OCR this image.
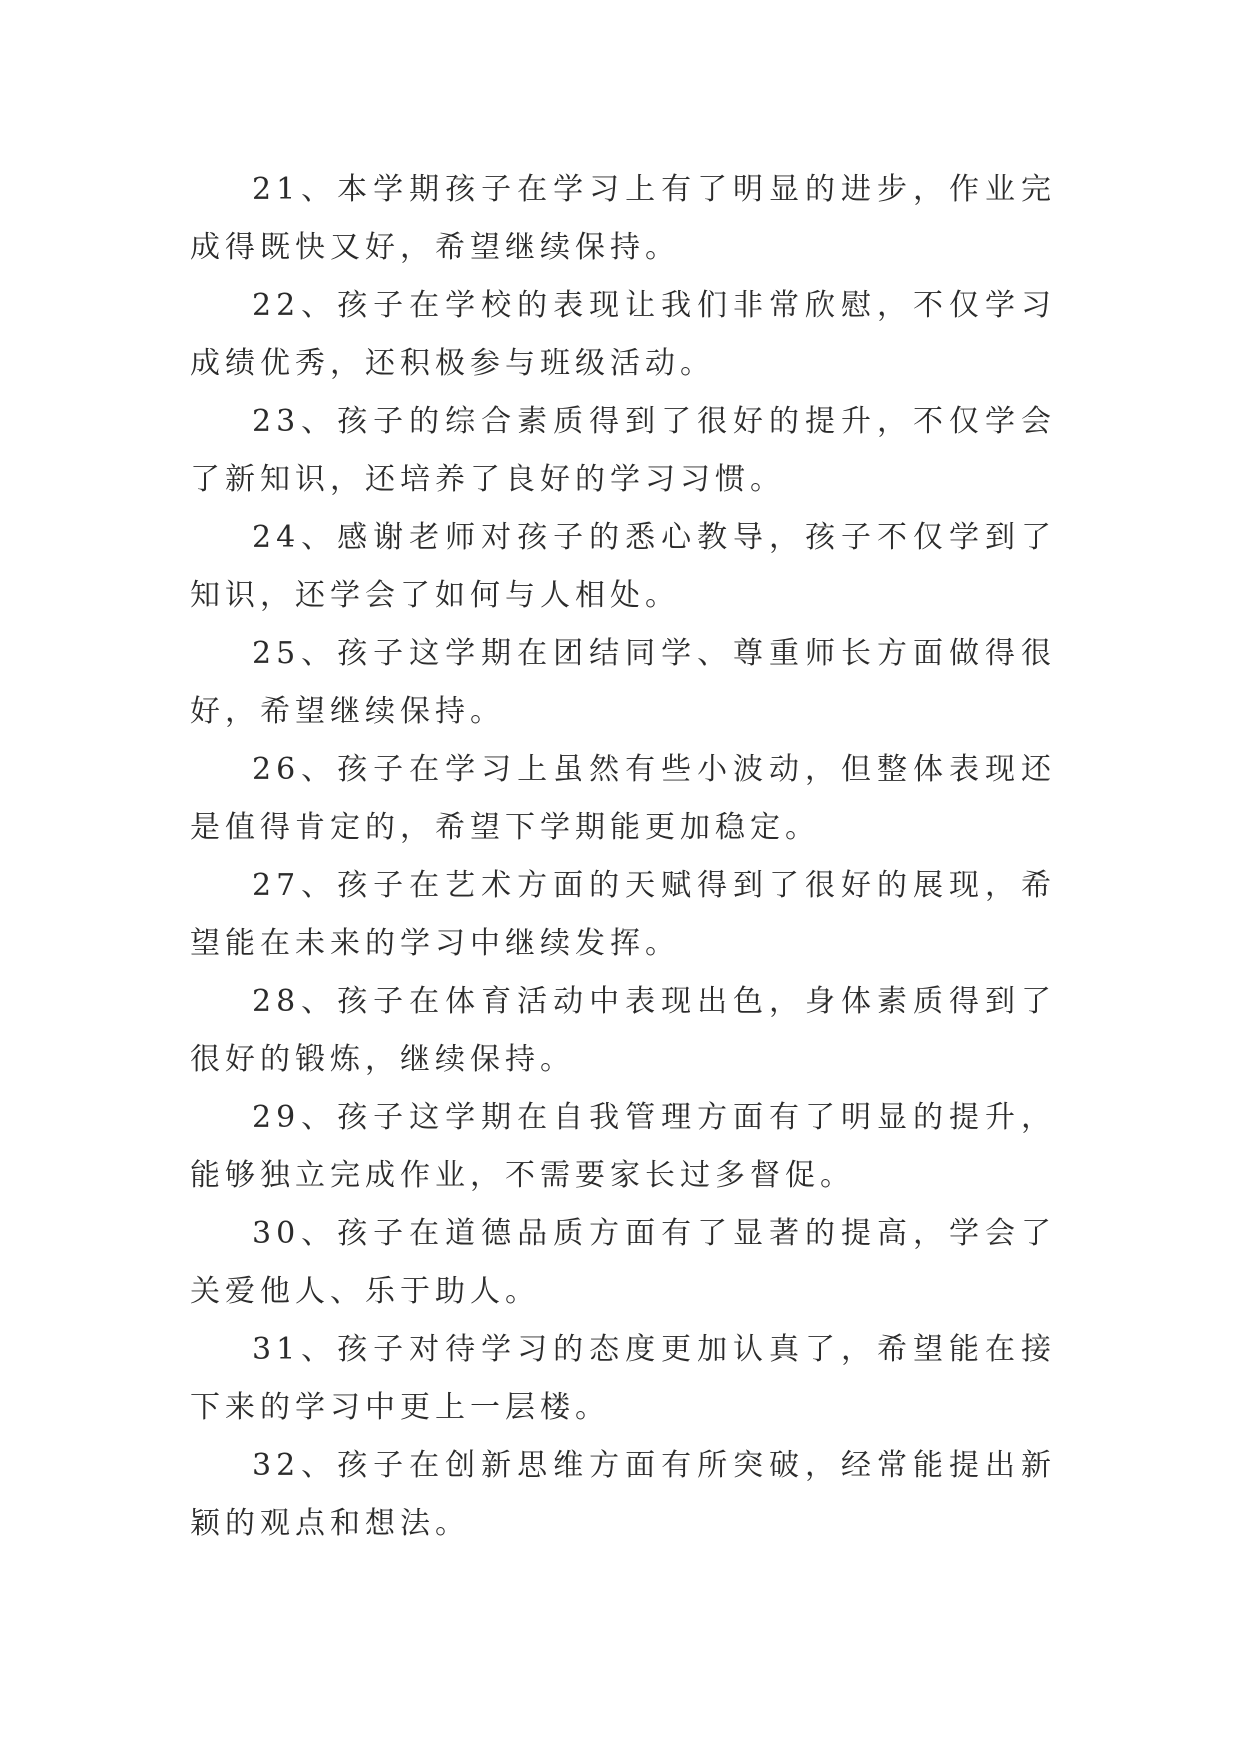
21、本学期孩子在学习上有了明显的进步，作业完成得既快又好，希望继续保持。

22、孩子在学校的表现让我们非常欣慰，不仅学习成绩优秀，还积极参与班级活动。

23、孩子的综合素质得到了很好的提升，不仅学会了新知识，还培养了良好的学习习惯。

24、感谢老师对孩子的悉心教导，孩子不仅学到了知识，还学会了如何与人相处。

25、孩子这学期在团结同学、尊重师长方面做得很好，希望继续保持。

26、孩子在学习上虽然有些小波动，但整体表现还是值得肯定的，希望下学期能更加稳定。

27、孩子在艺术方面的天赋得到了很好的展现，希望能在未来的学习中继续发挥。

28、孩子在体育活动中表现出色，身体素质得到了很好的锻炼，继续保持。

29、孩子这学期在自我管理方面有了明显的提升，能够独立完成作业，不需要家长过多督促。

30、孩子在道德品质方面有了显著的提高，学会了关爱他人、乐于助人。

31、孩子对待学习的态度更加认真了，希望能在接下来的学习中更上一层楼。

32、孩子在创新思维方面有所突破，经常能提出新颖的观点和想法。
